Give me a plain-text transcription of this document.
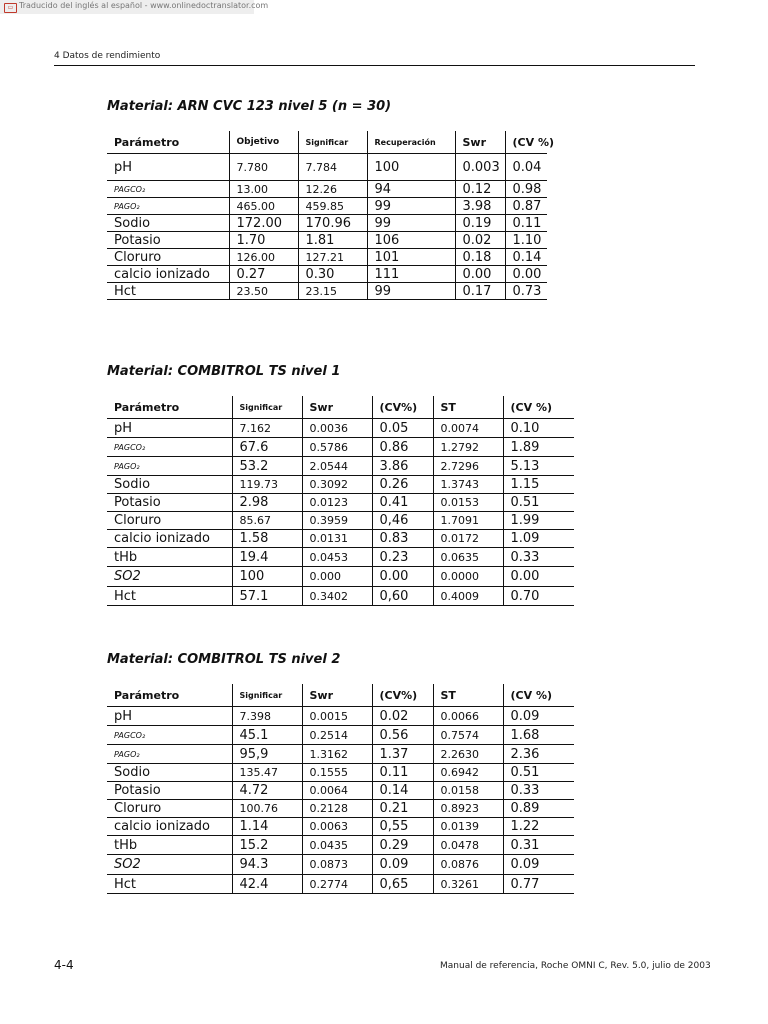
▭ Traducido del inglés al español - www.onlinedoctranslator.com
4 Datos de rendimiento
Material: ARN CVC 123 nivel 5 (n = 30)
Parámetro	Objetivo	Significar	Recuperación	Swr	(CV %)
pH	7.780	7.784	100	0.003	0.04
PAGCO₂	13.00	12.26	94	0.12	0.98
PAGO₂	465.00	459.85	99	3.98	0.87
Sodio	172.00	170.96	99	0.19	0.11
Potasio	1.70	1.81	106	0.02	1.10
Cloruro	126.00	127.21	101	0.18	0.14
calcio ionizado	0.27	0.30	111	0.00	0.00
Hct	23.50	23.15	99	0.17	0.73
Material: COMBITROL TS nivel 1
Parámetro	Significar	Swr	(CV%)	ST	(CV %)
pH	7.162	0.0036	0.05	0.0074	0.10
PAGCO₂	67.6	0.5786	0.86	1.2792	1.89
PAGO₂	53.2	2.0544	3.86	2.7296	5.13
Sodio	119.73	0.3092	0.26	1.3743	1.15
Potasio	2.98	0.0123	0.41	0.0153	0.51
Cloruro	85.67	0.3959	0,46	1.7091	1.99
calcio ionizado	1.58	0.0131	0.83	0.0172	1.09
tHb	19.4	0.0453	0.23	0.0635	0.33
SO2	100	0.000	0.00	0.0000	0.00
Hct	57.1	0.3402	0,60	0.4009	0.70
Material: COMBITROL TS nivel 2
Parámetro	Significar	Swr	(CV%)	ST	(CV %)
pH	7.398	0.0015	0.02	0.0066	0.09
PAGCO₂	45.1	0.2514	0.56	0.7574	1.68
PAGO₂	95,9	1.3162	1.37	2.2630	2.36
Sodio	135.47	0.1555	0.11	0.6942	0.51
Potasio	4.72	0.0064	0.14	0.0158	0.33
Cloruro	100.76	0.2128	0.21	0.8923	0.89
calcio ionizado	1.14	0.0063	0,55	0.0139	1.22
tHb	15.2	0.0435	0.29	0.0478	0.31
SO2	94.3	0.0873	0.09	0.0876	0.09
Hct	42.4	0.2774	0,65	0.3261	0.77
4-4	Manual de referencia, Roche OMNI C, Rev. 5.0, julio de 2003
